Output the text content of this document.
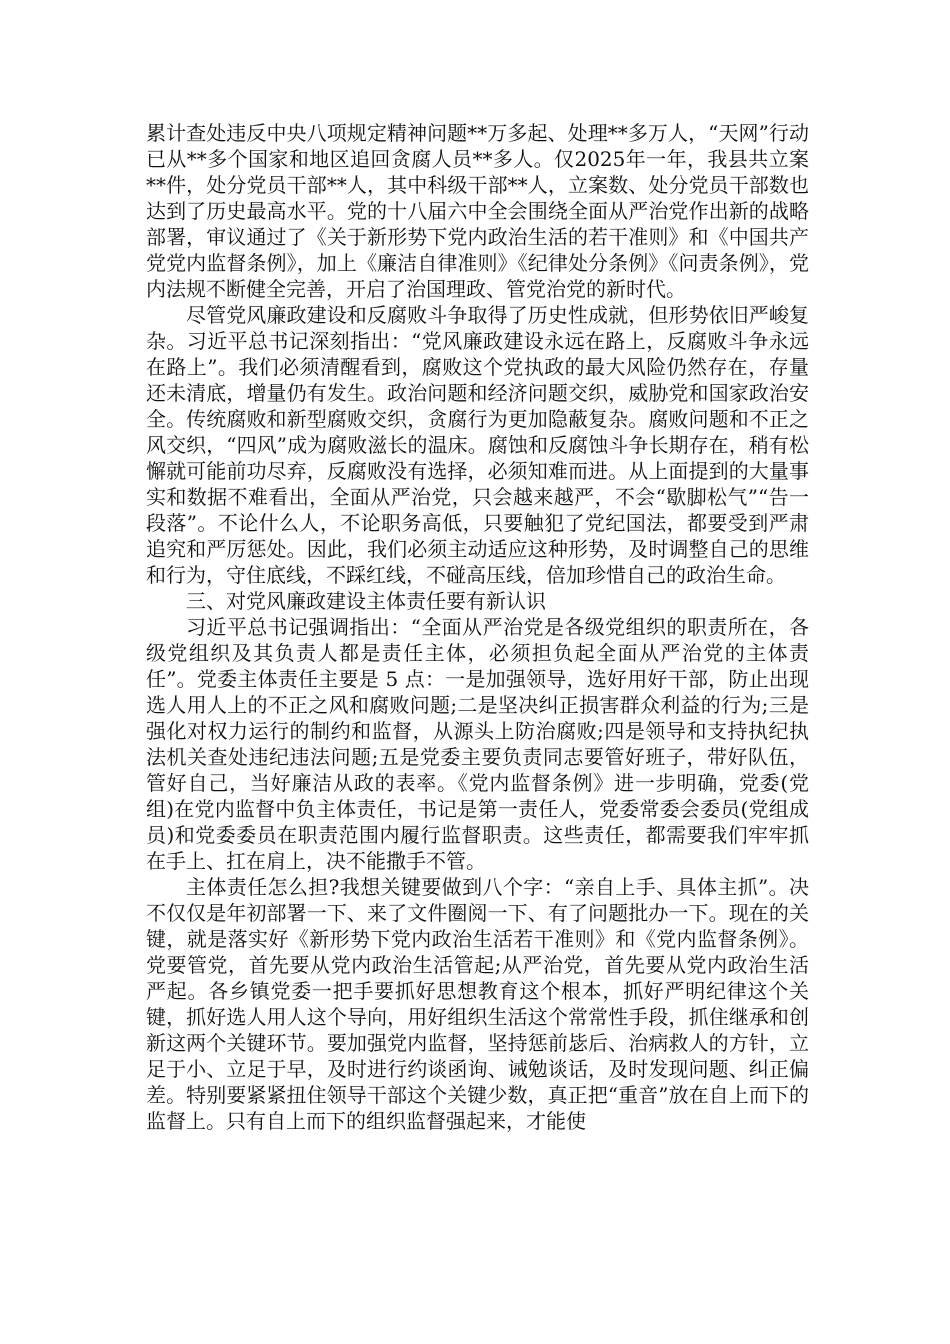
累计查处违反中央八项规定精神问题**万多起、处理**多万人，“天网”行动已从**多个国家和地区追回贪腐人员**多人。仅2025年一年，我县共立案**件，处分党员干部**人，其中科级干部**人，立案数、处分党员干部数也达到了历史最高水平。党的十八届六中全会围绕全面从严治党作出新的战略部署，审议通过了《关于新形势下党内政治生活的若干准则》和《中国共产党党内监督条例》，加上《廉洁自律准则》《纪律处分条例》《问责条例》，党内法规不断健全完善，开启了治国理政、管党治党的新时代。

尽管党风廉政建设和反腐败斗争取得了历史性成就，但形势依旧严峻复杂。习近平总书记深刻指出：“党风廉政建设永远在路上，反腐败斗争永远在路上”。我们必须清醒看到，腐败这个党执政的最大风险仍然存在，存量还未清底，增量仍有发生。政治问题和经济问题交织，威胁党和国家政治安全。传统腐败和新型腐败交织，贪腐行为更加隐蔽复杂。腐败问题和不正之风交织，“四风”成为腐败滋长的温床。腐蚀和反腐蚀斗争长期存在，稍有松懈就可能前功尽弃，反腐败没有选择，必须知难而进。从上面提到的大量事实和数据不难看出，全面从严治党，只会越来越严，不会“歇脚松气”“告一段落”。不论什么人，不论职务高低，只要触犯了党纪国法，都要受到严肃追究和严厉惩处。因此，我们必须主动适应这种形势，及时调整自己的思维和行为，守住底线，不踩红线，不碰高压线，倍加珍惜自己的政治生命。

三、对党风廉政建设主体责任要有新认识

习近平总书记强调指出：“全面从严治党是各级党组织的职责所在，各级党组织及其负责人都是责任主体，必须担负起全面从严治党的主体责任”。党委主体责任主要是 5 点：一是加强领导，选好用好干部，防止出现选人用人上的不正之风和腐败问题;二是坚决纠正损害群众利益的行为;三是强化对权力运行的制约和监督，从源头上防治腐败;四是领导和支持执纪执法机关查处违纪违法问题;五是党委主要负责同志要管好班子，带好队伍，管好自己，当好廉洁从政的表率。《党内监督条例》进一步明确，党委(党组)在党内监督中负主体责任，书记是第一责任人，党委常委会委员(党组成员)和党委委员在职责范围内履行监督职责。这些责任，都需要我们牢牢抓在手上、扛在肩上，决不能撒手不管。

主体责任怎么担?我想关键要做到八个字：“亲自上手、具体主抓”。决不仅仅是年初部署一下、来了文件圈阅一下、有了问题批办一下。现在的关键，就是落实好《新形势下党内政治生活若干准则》和《党内监督条例》。党要管党，首先要从党内政治生活管起;从严治党，首先要从党内政治生活严起。各乡镇党委一把手要抓好思想教育这个根本，抓好严明纪律这个关键，抓好选人用人这个导向，用好组织生活这个常常性手段，抓住继承和创新这两个关键环节。要加强党内监督，坚持惩前毖后、治病救人的方针，立足于小、立足于早，及时进行约谈函询、诫勉谈话，及时发现问题、纠正偏差。特别要紧紧扭住领导干部这个关键少数，真正把“重音”放在自上而下的监督上。只有自上而下的组织监督强起来，才能使
